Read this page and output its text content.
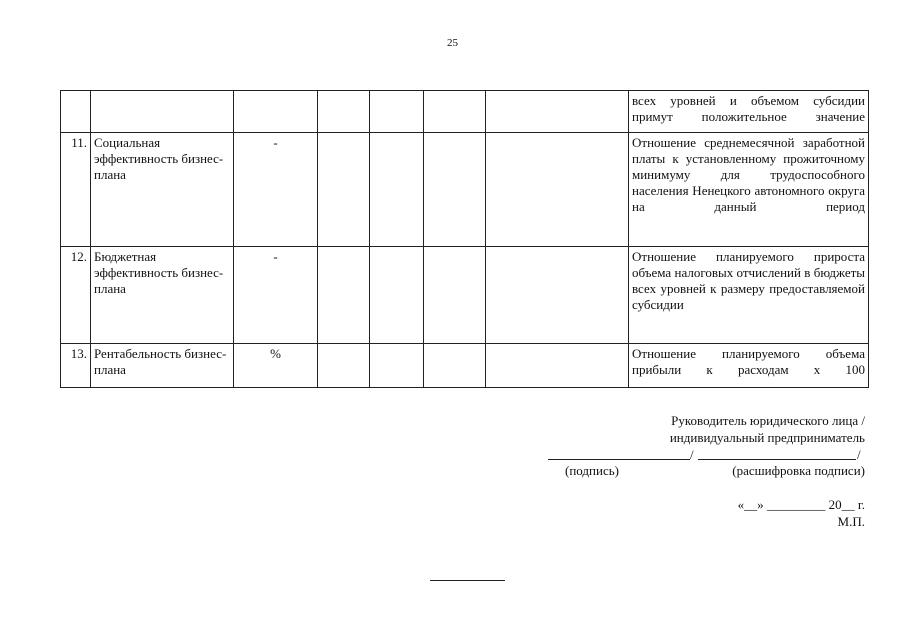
25
							всех уровней и объемом субсидии примут положительное значение
11.	Социальная эффективность бизнес-плана	-					Отношение среднемесячной заработной платы к установленному прожиточному минимуму для трудоспособного населения Ненецкого автономного округа на данный период
12.	Бюджетная эффективность бизнес-плана	-					Отношение планируемого прироста объема налоговых отчислений в бюджеты всех уровней к размеру предоставляемой субсидии
13.	Рентабельность бизнес-плана	%					Отношение планируемого объема прибыли к расходам х 100
Руководитель юридического лица /
индивидуальный предприниматель
/	/
(подпись)	(расшифровка подписи)
«__» _________ 20__ г.
М.П.
